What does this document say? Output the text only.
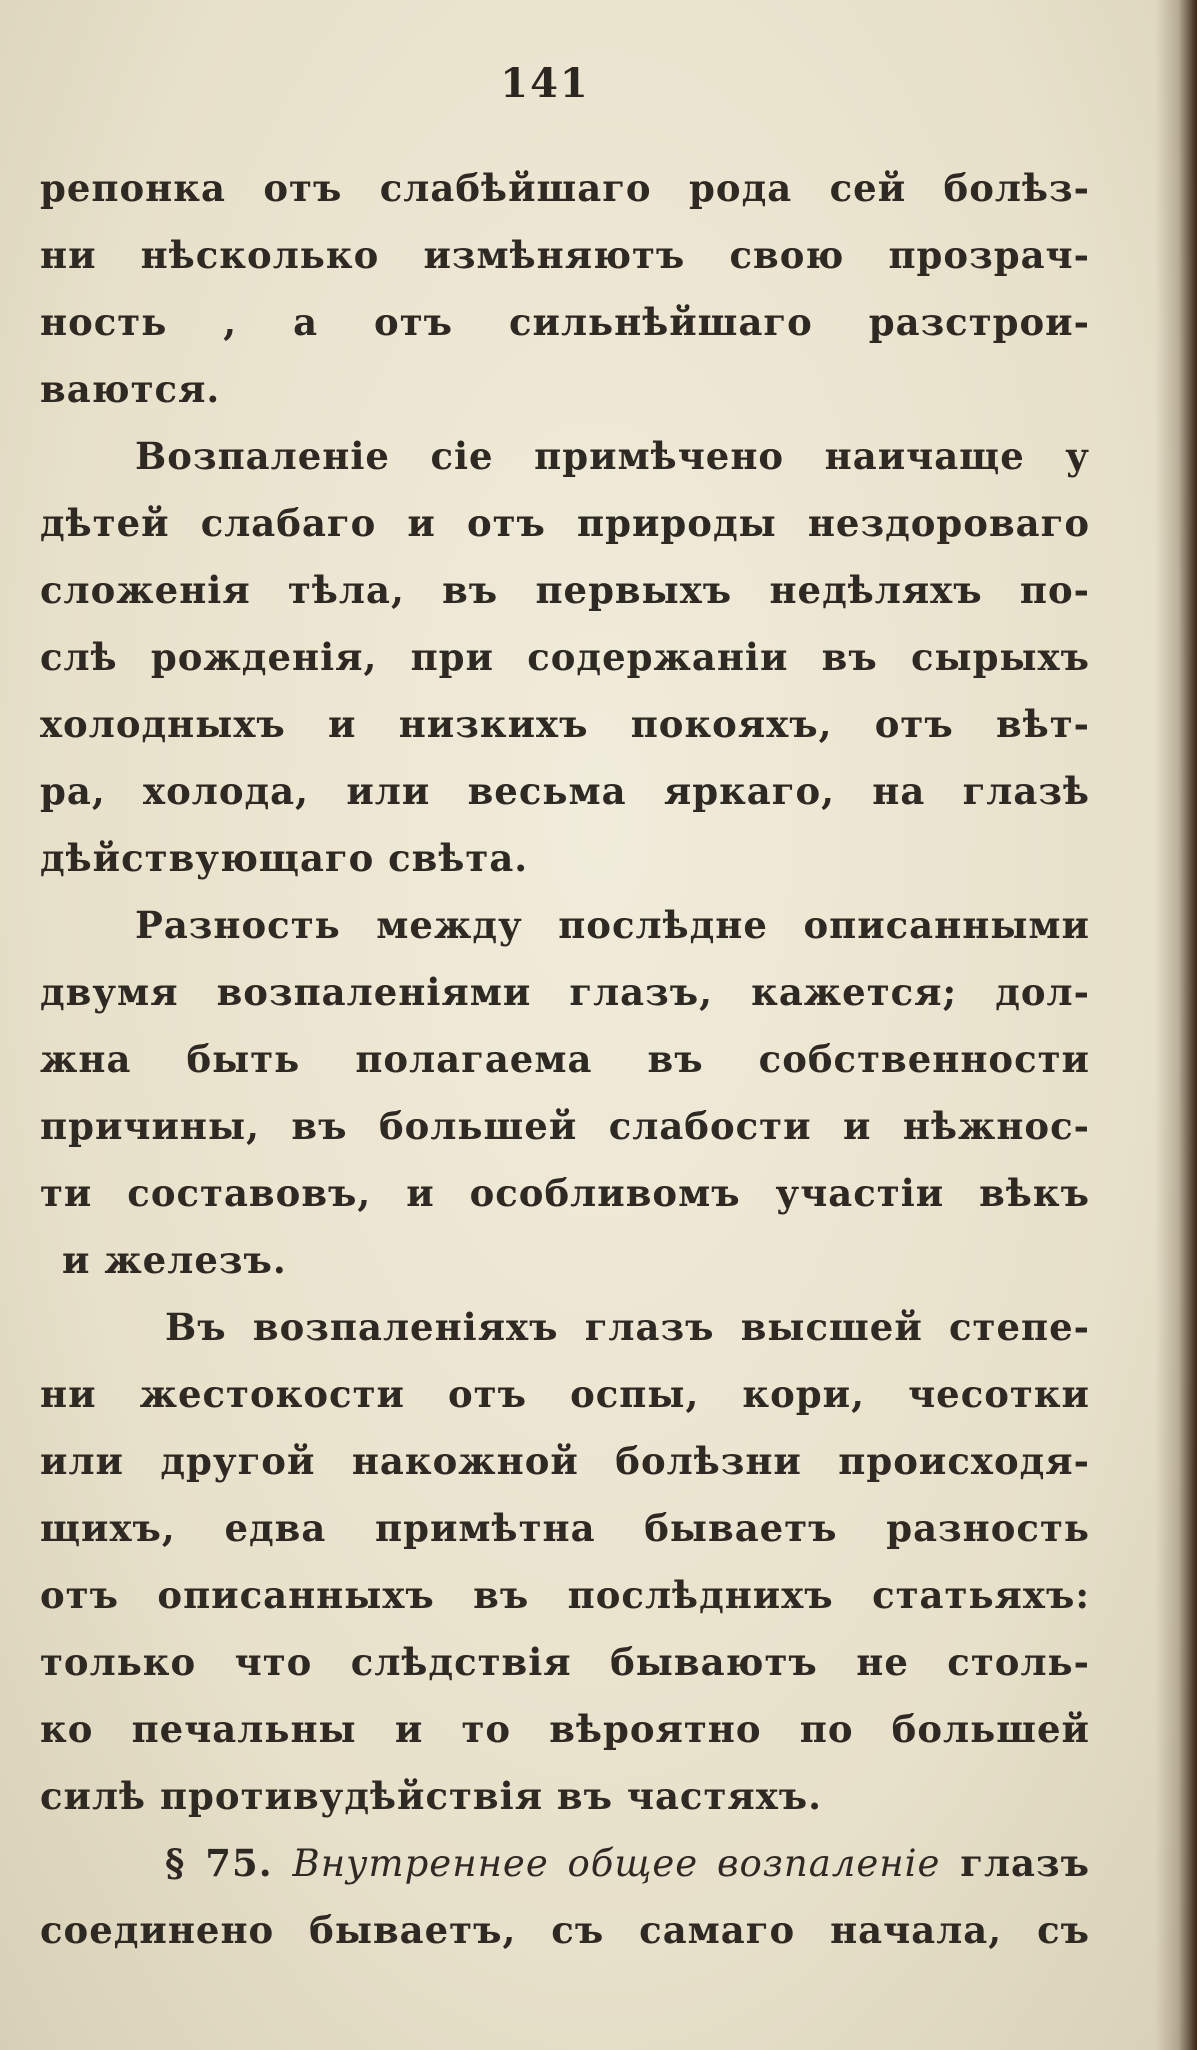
141
репонка отъ слабѣйшаго рода сей болѣз-
ни нѣсколько измѣняютъ свою прозрач-
ность , а отъ сильнѣйшаго разстрои-
ваются.
Возпаленіе сіе примѣчено наичаще у
дѣтей слабаго и отъ природы нездороваго
сложенія тѣла, въ первыхъ недѣляхъ по-
слѣ рожденія, при содержаніи въ сырыхъ
холодныхъ и низкихъ покояхъ, отъ вѣт-
ра, холода, или весьма яркаго, на глазѣ
дѣйствующаго свѣта.
Разность между послѣдне описанными
двумя возпаленіями глазъ, кажется; дол-
жна быть полагаема въ собственности
причины, въ большей слабости и нѣжнос-
ти составовъ, и особливомъ участіи вѣкъ
и железъ.
Въ возпаленіяхъ глазъ высшей степе-
ни жестокости отъ оспы, кори, чесотки
или другой накожной болѣзни происходя-
щихъ, едва примѣтна бываетъ разность
отъ описанныхъ въ послѣднихъ статьяхъ:
только что слѣдствія бываютъ не столь-
ко печальны и то вѣроятно по большей
силѣ противудѣйствія въ частяхъ.
§ 75. Внутреннее общее возпаленіе глазъ
соединено бываетъ, съ самаго начала, съ
